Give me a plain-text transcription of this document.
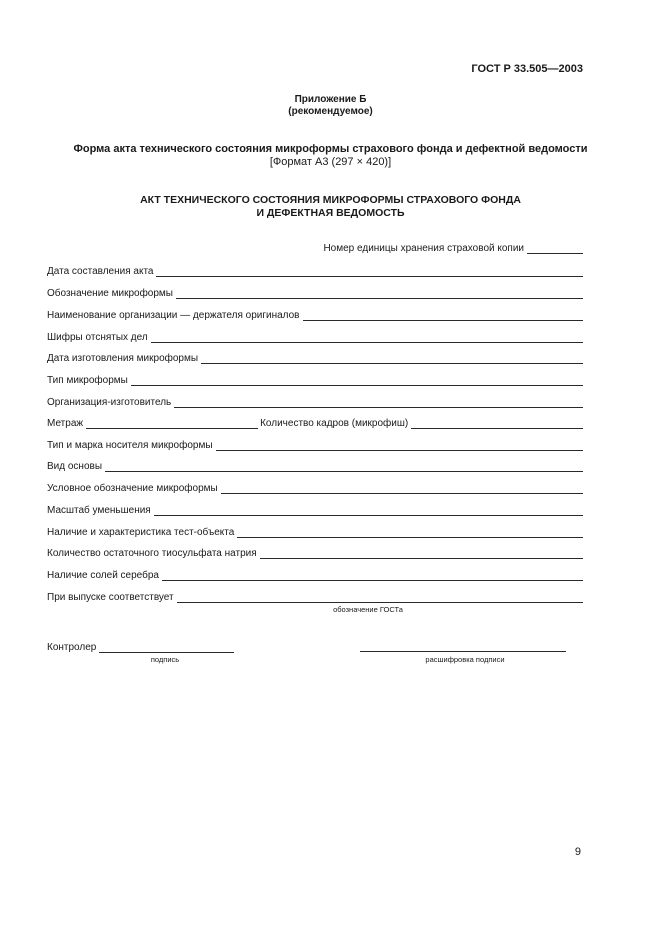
ГОСТ Р 33.505—2003
Приложение Б
(рекомендуемое)
Форма акта технического состояния микроформы страхового фонда и дефектной ведомости
[Формат А3 (297 × 420)]
АКТ ТЕХНИЧЕСКОГО СОСТОЯНИЯ МИКРОФОРМЫ СТРАХОВОГО ФОНДА
И ДЕФЕКТНАЯ ВЕДОМОСТЬ
Номер единицы хранения страховой копии
Дата составления акта
Обозначение микроформы
Наименование организации — держателя оригиналов
Шифры отснятых дел
Дата изготовления микроформы
Тип микроформы
Организация-изготовитель
Метраж	Количество кадров (микрофиш)
Тип и марка носителя микроформы
Вид основы
Условное обозначение микроформы
Масштаб уменьшения
Наличие и характеристика тест-объекта
Количество остаточного тиосульфата натрия
Наличие солей серебра
При выпуске соответствует
обозначение ГОСТа
Контролер
подпись	расшифровка подписи
9
